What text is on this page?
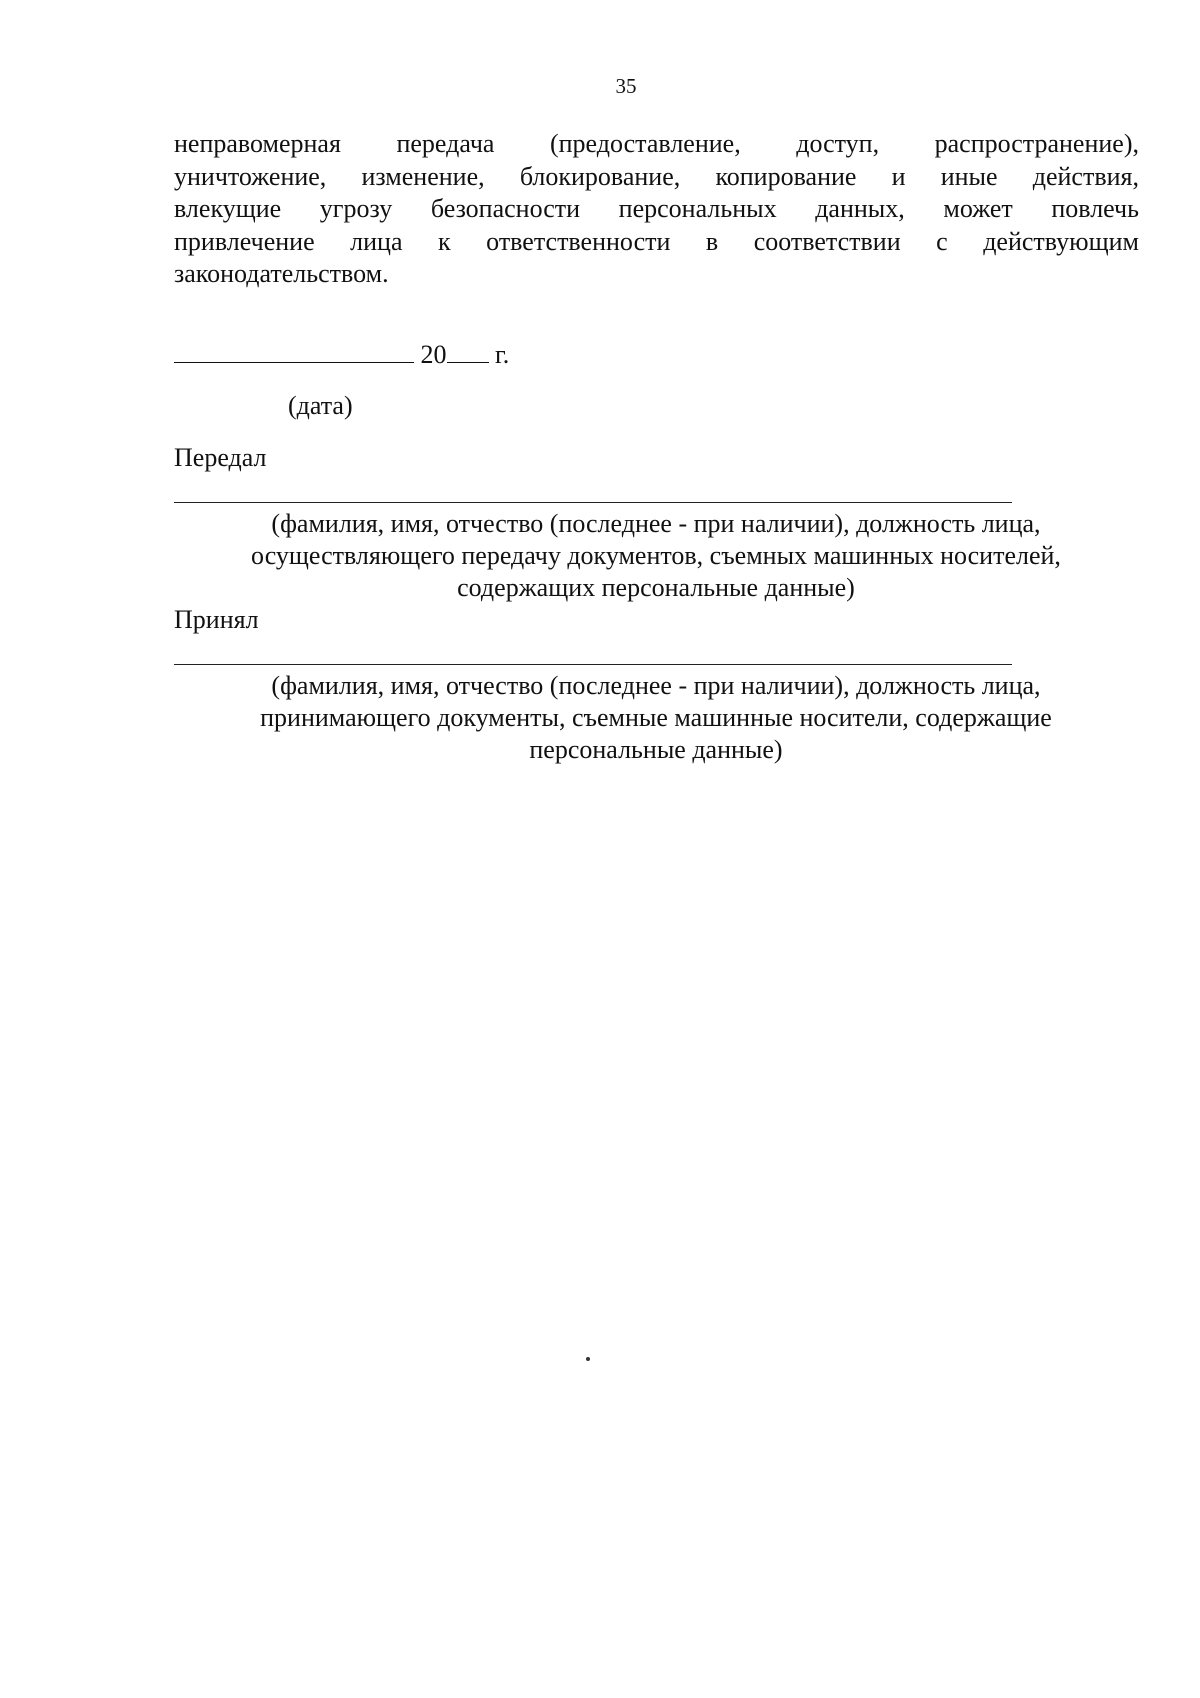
35
неправомерная передача (предоставление, доступ, распространение),
уничтожение, изменение, блокирование, копирование и иные действия,
влекущие угрозу безопасности персональных данных, может повлечь
привлечение лица к ответственности в соответствии с действующим
законодательством.
20 г.
(дата)
Передал
(фамилия, имя, отчество (последнее - при наличии), должность лица,
осуществляющего передачу документов, съемных машинных носителей,
содержащих персональные данные)
Принял
(фамилия, имя, отчество (последнее - при наличии), должность лица,
принимающего документы, съемные машинные носители, содержащие
персональные данные)
